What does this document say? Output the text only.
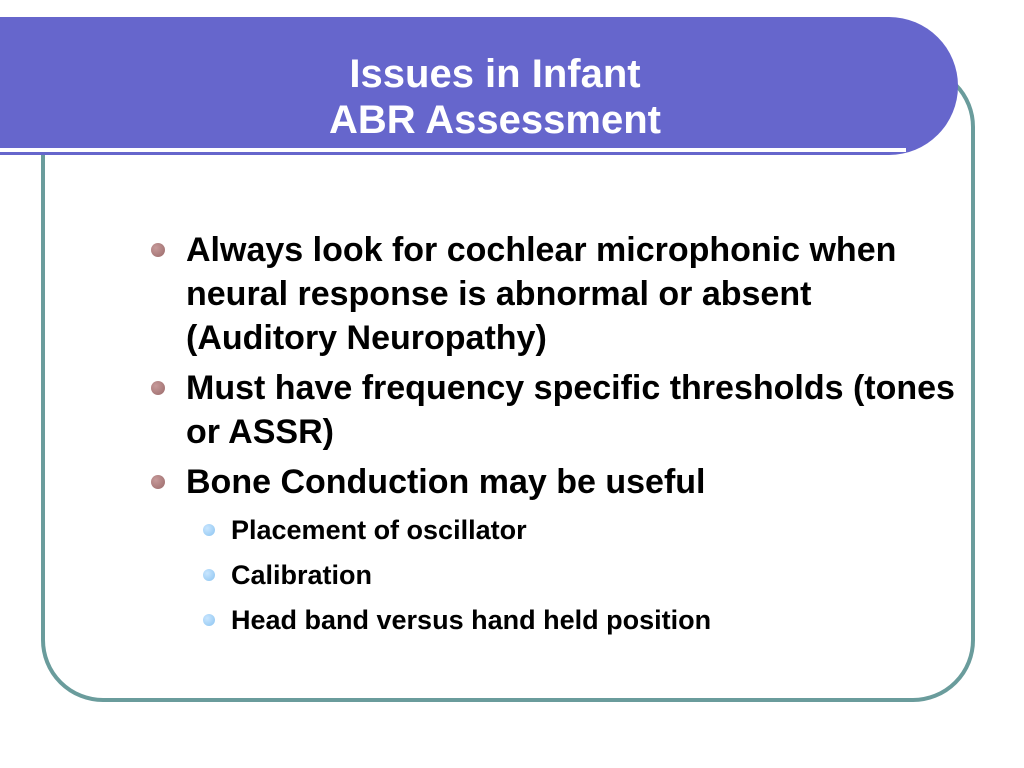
Issues in Infant
ABR Assessment
Always look for cochlear microphonic when neural response is abnormal or absent (Auditory Neuropathy)
Must have frequency specific thresholds (tones or ASSR)
Bone Conduction may be useful
Placement of oscillator
Calibration
Head band versus hand held position
